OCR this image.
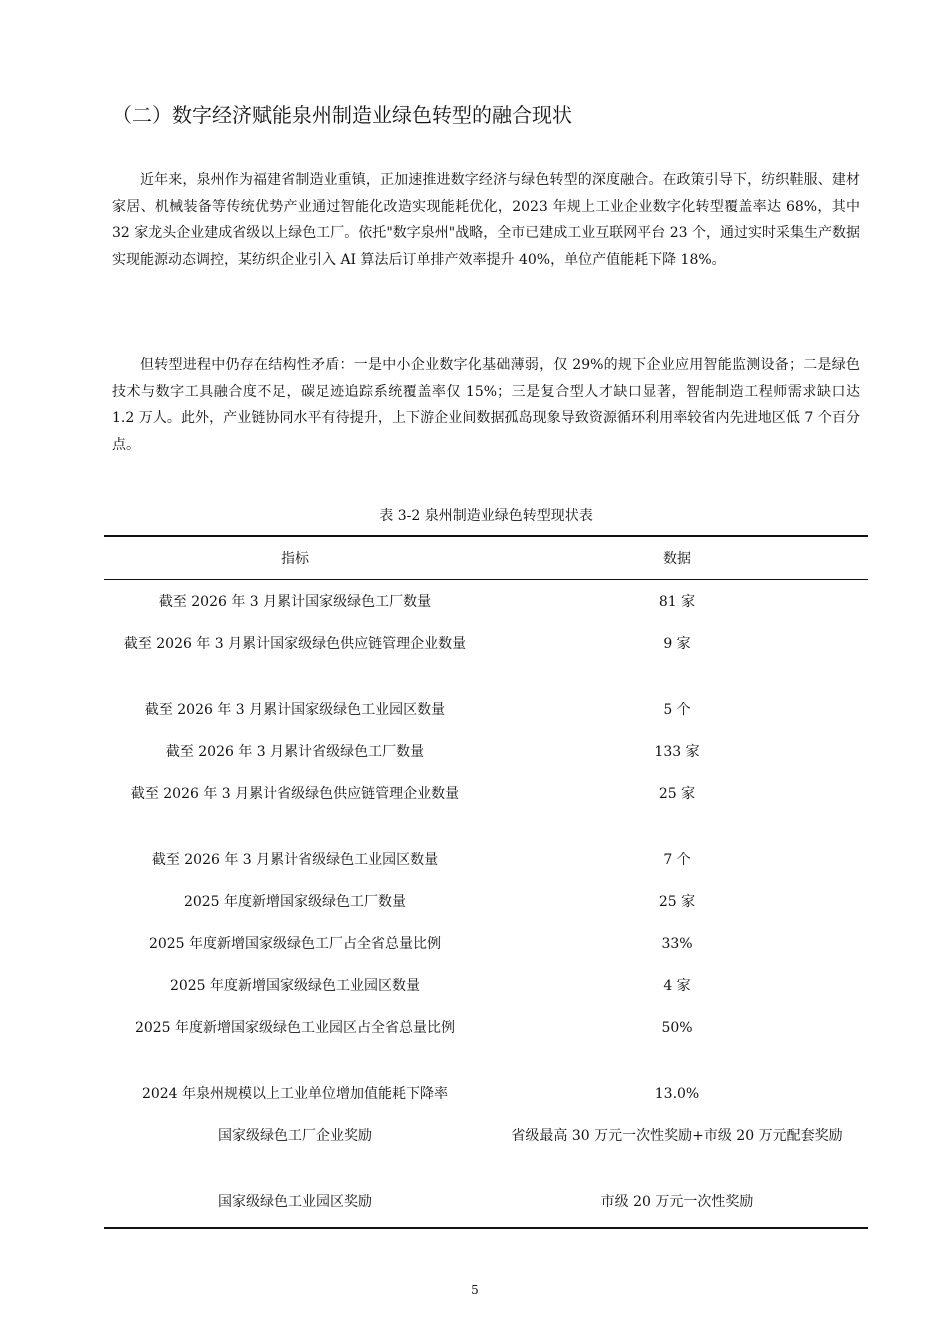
（二）数字经济赋能泉州制造业绿色转型的融合现状

近年来，泉州作为福建省制造业重镇，正加速推进数字经济与绿色转型的深度融合。在政策引导下，纺织鞋服、建材家居、机械装备等传统优势产业通过智能化改造实现能耗优化，2023 年规上工业企业数字化转型覆盖率达 68%，其中 32 家龙头企业建成省级以上绿色工厂。依托"数字泉州"战略，全市已建成工业互联网平台 23 个，通过实时采集生产数据实现能源动态调控，某纺织企业引入 AI 算法后订单排产效率提升 40%，单位产值能耗下降 18%。

但转型进程中仍存在结构性矛盾：一是中小企业数字化基础薄弱，仅 29%的规下企业应用智能监测设备；二是绿色技术与数字工具融合度不足，碳足迹追踪系统覆盖率仅 15%；三是复合型人才缺口显著，智能制造工程师需求缺口达 1.2 万人。此外，产业链协同水平有待提升，上下游企业间数据孤岛现象导致资源循环利用率较省内先进地区低 7 个百分点。

表 3-2 泉州制造业绿色转型现状表
指标	数据
截至 2026 年 3 月累计国家级绿色工厂数量	81 家
截至 2026 年 3 月累计国家级绿色供应链管理企业数量	9 家
截至 2026 年 3 月累计国家级绿色工业园区数量	5 个
截至 2026 年 3 月累计省级绿色工厂数量	133 家
截至 2026 年 3 月累计省级绿色供应链管理企业数量	25 家
截至 2026 年 3 月累计省级绿色工业园区数量	7 个
2025 年度新增国家级绿色工厂数量	25 家
2025 年度新增国家级绿色工厂占全省总量比例	33%
2025 年度新增国家级绿色工业园区数量	4 家
2025 年度新增国家级绿色工业园区占全省总量比例	50%
2024 年泉州规模以上工业单位增加值能耗下降率	13.0%
国家级绿色工厂企业奖励	省级最高 30 万元一次性奖励+市级 20 万元配套奖励
国家级绿色工业园区奖励	市级 20 万元一次性奖励
5
